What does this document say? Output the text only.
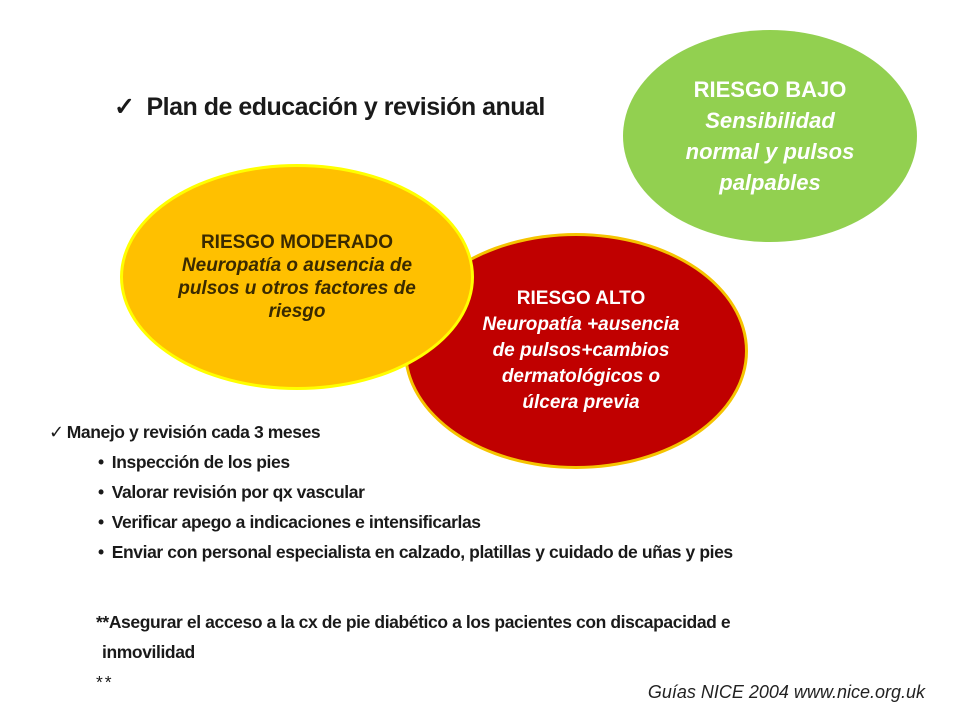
RIESGO BAJO
Sensibilidad normal y pulsos palpables
RIESGO ALTO
Neuropatía +ausencia de pulsos+cambios dermatológicos o úlcera previa
RIESGO MODERADO
Neuropatía o ausencia de pulsos u otros factores de riesgo
✓ Plan de educación y revisión anual
✓ Manejo y revisión cada 3 meses
• Inspección de los pies
• Valorar revisión por qx vascular
• Verificar apego a indicaciones e intensificarlas
• Enviar con personal especialista en calzado, platillas y cuidado de uñas y pies
**Asegurar el acceso a la cx de pie diabético a los pacientes con discapacidad e
inmovilidad
**	Guías NICE 2004 www.nice.org.uk
